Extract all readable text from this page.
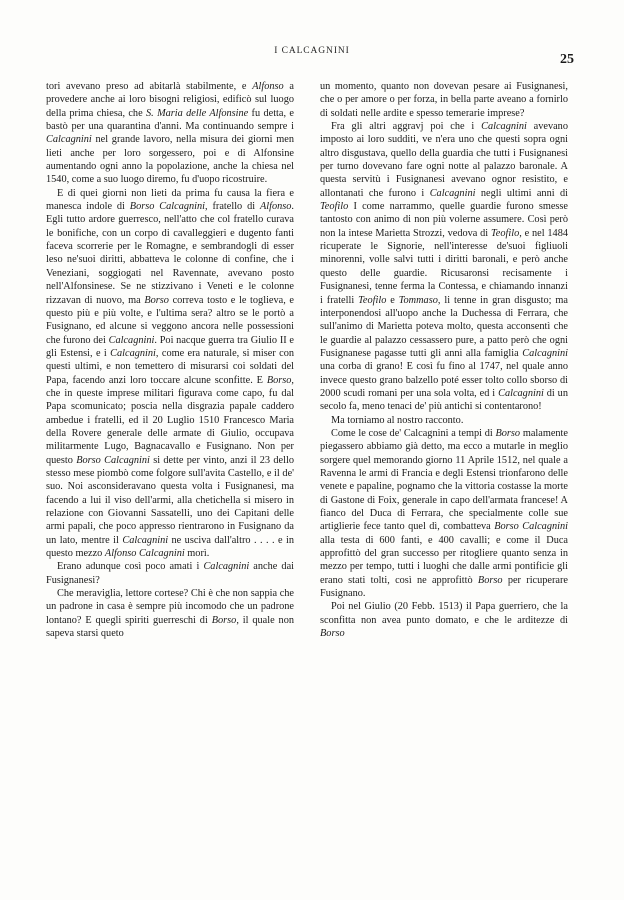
I CALCAGNINI
25

tori avevano preso ad abitarlà stabilmente, e Alfonso a provedere anche ai loro bisogni religiosi, edificò sul luogo della prima chiesa, che S. Maria delle Alfonsine fu detta, e bastò per una quarantina d'anni. Ma continuando sempre i Calcagnini nel grande lavoro, nella misura dei giorni men lieti anche per loro sorgessero, poi e di Alfonsine aumentando ogni anno la popolazione, anche la chiesa nel 1540, come a suo luogo diremo, fu d'uopo ricostruire.

E di quei giorni non lieti da prima fu causa la fiera e manesca indole di Borso Calcagnini, fratello di Alfonso. Egli tutto ardore guerresco, nell'atto che col fratello curava le bonifiche, con un corpo di cavalleggieri e dugento fanti faceva scorrerie per le Romagne, e sembrandogli di esser leso ne'suoi diritti, abbatteva le colonne di confine, che i Veneziani, soggiogati nel Ravennate, avevano posto nell'Alfonsinese. Se ne stizzivano i Veneti e le colonne rizzavan di nuovo, ma Borso correva tosto e le toglieva, e questo più e più volte, e l'ultima sera? altro se le portò a Fusignano, ed alcune si veggono ancora nelle possessioni che furono dei Calcagnini. Poi nacque guerra tra Giulio II e gli Estensi, e i Calcagnini, come era naturale, si miser con questi ultimi, e non temettero di misurarsi coi soldati del Papa, facendo anzi loro toccare alcune sconfitte. E Borso, che in queste imprese militari figurava come capo, fu dal Papa scomunicato; poscia nella disgrazia papale caddero ambedue i fratelli, ed il 20 Luglio 1510 Francesco Maria della Rovere generale delle armate di Giulio, occupava militarmente Lugo, Bagnacavallo e Fusignano. Non per questo Borso Calcagnini si dette per vinto, anzi il 23 dello stesso mese piombò come folgore sull'avita Castello, e il de' suo. Noi asconsideravano questa volta i Fusignanesi, ma facendo a lui il viso dell'armi, alla chetichella si misero in relazione con Giovanni Sassatelli, uno dei Capitani delle armi papali, che poco appresso rientrarono in Fusignano da un lato, mentre il Calcagnini ne usciva dall'altro . . . . e in questo mezzo Alfonso Calcagnini morì.

Erano adunque così poco amati i Calcagnini anche dai Fusignanesi?

Che meraviglia, lettore cortese? Chi è che non sappia che un padrone in casa è sempre più incomodo che un padrone lontano? E quegli spiriti guerreschi di Borso, il quale non sapeva starsi queto

un momento, quanto non dovevan pesare ai Fusignanesi, che o per amore o per forza, in bella parte aveano a fornirlo di soldati nelle ardite e spesso temerarie imprese?

Fra gli altri aggravj poi che i Calcagnini avevano imposto ai loro sudditi, ve n'era uno che questi sopra ogni altro disgustava, quello della guardia che tutti i Fusignanesi per turno dovevano fare ogni notte al palazzo baronale. A questa servitù i Fusignanesi avevano ognor resistito, e allontanati che furono i Calcagnini negli ultimi anni di Teofilo I come narrammo, quelle guardie furono smesse tantosto con animo di non più volerne assumere. Così però non la intese Marietta Strozzi, vedova di Teofilo, e nel 1484 ricuperate le Signorie, nell'interesse de'suoi figliuoli minorenni, volle salvi tutti i diritti baronali, e però anche questo delle guardie. Ricusaronsi recisamente i Fusignanesi, tenne ferma la Contessa, e chiamando innanzi i fratelli Teofilo e Tommaso, li tenne in gran disgusto; ma interponendosi all'uopo anche la Duchessa di Ferrara, che sull'animo di Marietta poteva molto, questa acconsentì che le guardie al palazzo cessassero pure, a patto però che ogni Fusignanese pagasse tutti gli anni alla famiglia Calcagnini una corba di grano! E così fu fino al 1747, nel quale anno invece questo grano balzello poté esser tolto collo sborso di 2000 scudi romani per una sola volta, ed i Calcagnini di un secolo fa, meno tenaci de' più antichi si contentarono!

Ma torniamo al nostro racconto.

Come le cose de' Calcagnini a tempi di Borso malamente piegassero abbiamo già detto, ma ecco a mutarle in meglio sorgere quel memorando giorno 11 Aprile 1512, nel quale a Ravenna le armi di Francia e degli Estensi trionfarono delle venete e papaline, pognamo che la vittoria costasse la morte di Gastone di Foix, generale in capo dell'armata francese! A fianco del Duca di Ferrara, che specialmente colle sue artiglierie fece tanto quel dì, combatteva Borso Calcagnini alla testa di 600 fanti, e 400 cavalli; e come il Duca approfittò del gran successo per ritogliere quanto senza in mezzo per tempo, tutti i luoghi che dalle armi pontificie gli erano stati tolti, così ne approfittò Borso per ricuperare Fusignano.

Poi nel Giulio (20 Febb. 1513) il Papa guerriero, che la sconfitta non avea punto domato, e che le arditezze di Borso
